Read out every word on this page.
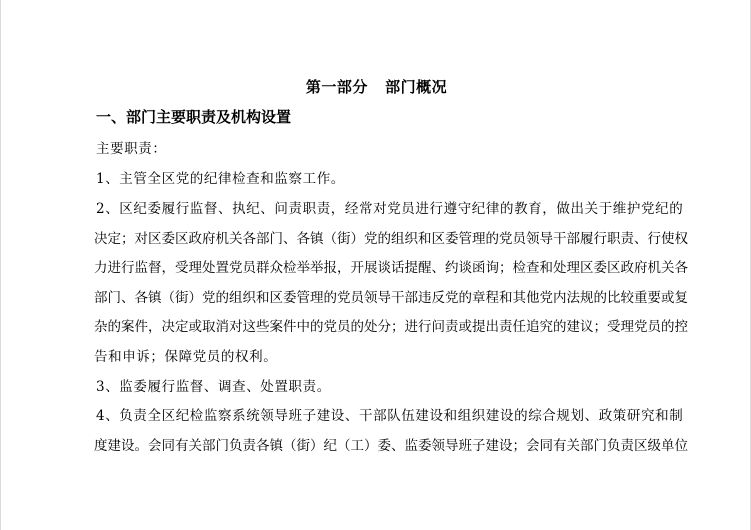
第一部分   部门概况
一、部门主要职责及机构设置
主要职责：
1、主管全区党的纪律检查和监察工作。
2、区纪委履行监督、执纪、问责职责，经常对党员进行遵守纪律的教育，做出关于维护党纪的
决定；对区委区政府机关各部门、各镇（街）党的组织和区委管理的党员领导干部履行职责、行使权
力进行监督，受理处置党员群众检举举报，开展谈话提醒、约谈函询；检查和处理区委区政府机关各
部门、各镇（街）党的组织和区委管理的党员领导干部违反党的章程和其他党内法规的比较重要或复
杂的案件，决定或取消对这些案件中的党员的处分；进行问责或提出责任追究的建议；受理党员的控
告和申诉；保障党员的权利。
3、监委履行监督、调查、处置职责。
4、负责全区纪检监察系统领导班子建设、干部队伍建设和组织建设的综合规划、政策研究和制
度建设。会同有关部门负责各镇（街）纪（工）委、监委领导班子建设；会同有关部门负责区级单位
